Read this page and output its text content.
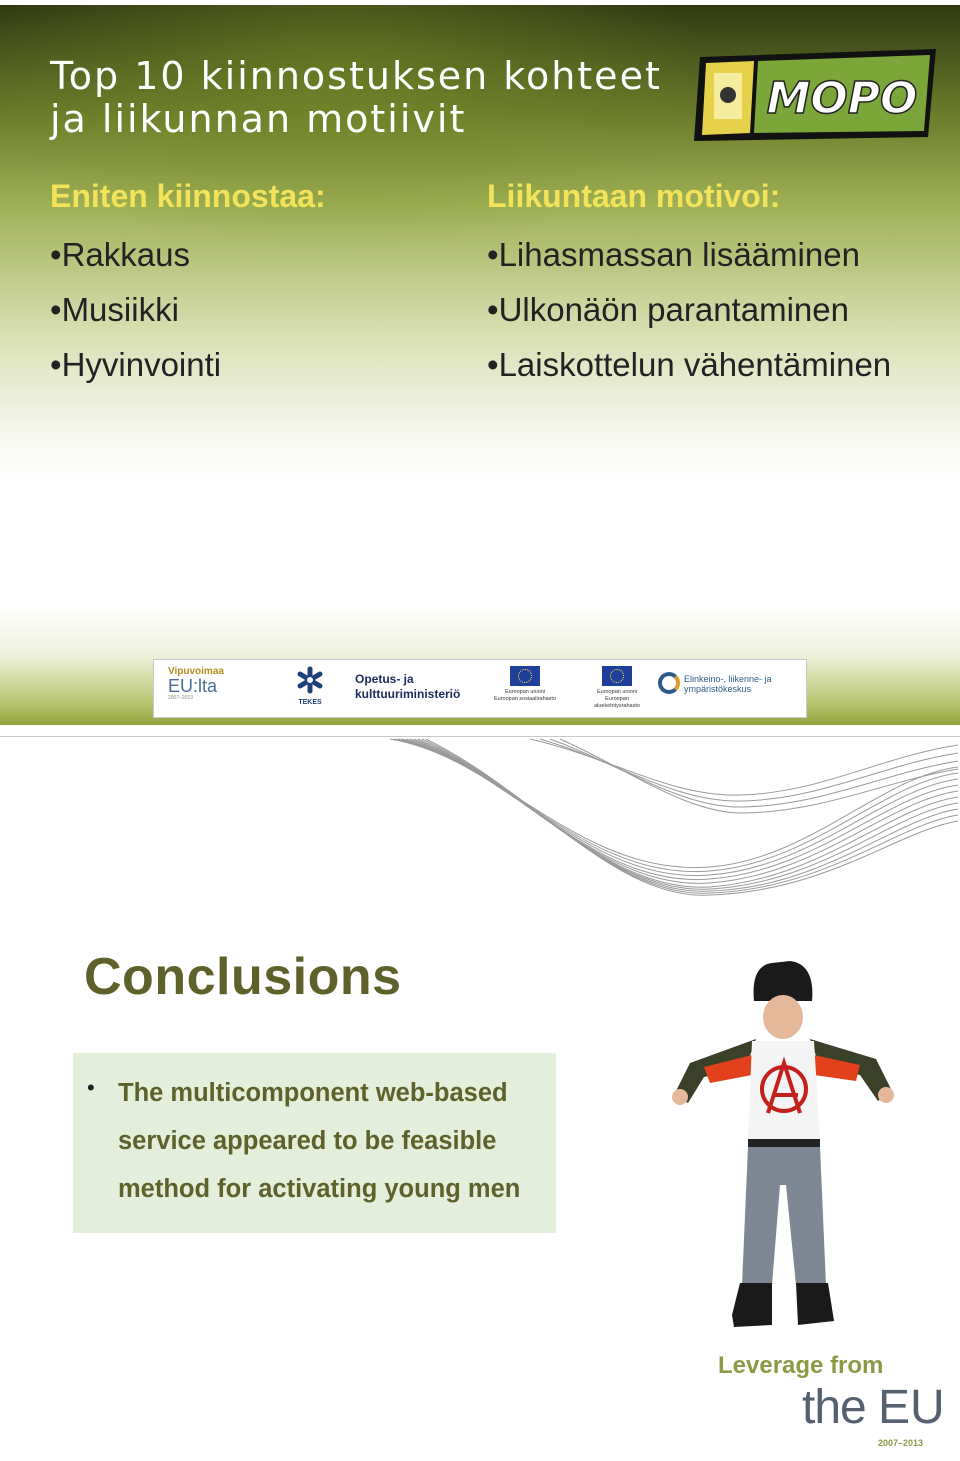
Top 10 kiinnostuksen kohteet ja liikunnan motiivit	MOPO
Eniten kiinnostaa:
• Rakkaus
• Musiikki
• Hyvinvointi
Liikuntaan motivoi:
• Lihasmassan lisääminen
• Ulkonäön parantaminen
• Laiskottelun vähentäminen
Vipuvoimaa
EU:lta
2007–2013
TEKES
Opetus- ja kulttuuriministeriö	Euroopan unioni
Euroopan sosiaalirahasto
Euroopan unioni
Euroopan aluekehitysrahasto
Elinkeino-, liikenne- ja ympäristökeskus
Conclusions
• The multicomponent web-based service appeared to be feasible method for activating young men
Leverage from
the EU
2007–2013
